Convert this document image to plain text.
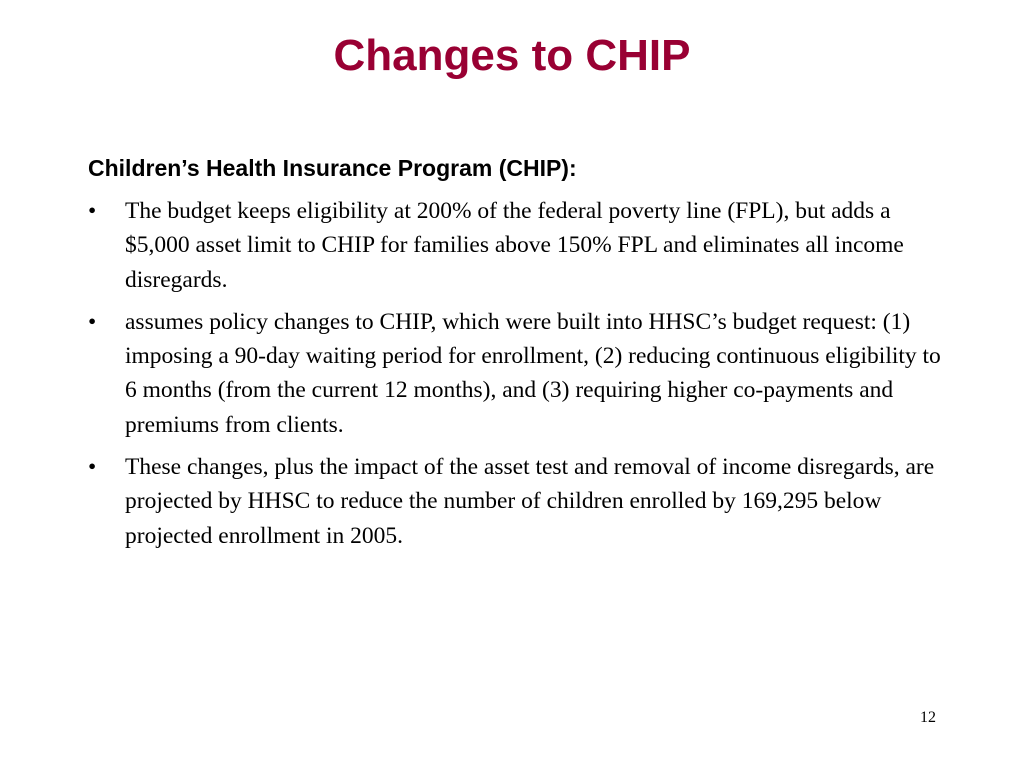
Changes to CHIP
Children’s Health Insurance Program (CHIP):
•	The budget keeps eligibility at 200% of the federal poverty line (FPL), but adds a $5,000 asset limit to CHIP for families above 150% FPL and eliminates all income disregards.
•	assumes policy changes to CHIP, which were built into HHSC’s budget request: (1) imposing a 90-day waiting period for enrollment, (2) reducing continuous eligibility to 6 months (from the current 12 months), and (3) requiring higher co-payments and premiums from clients.
•	These changes, plus the impact of the asset test and removal of income disregards, are projected by HHSC to reduce the number of children enrolled by 169,295 below projected enrollment in 2005.
12
